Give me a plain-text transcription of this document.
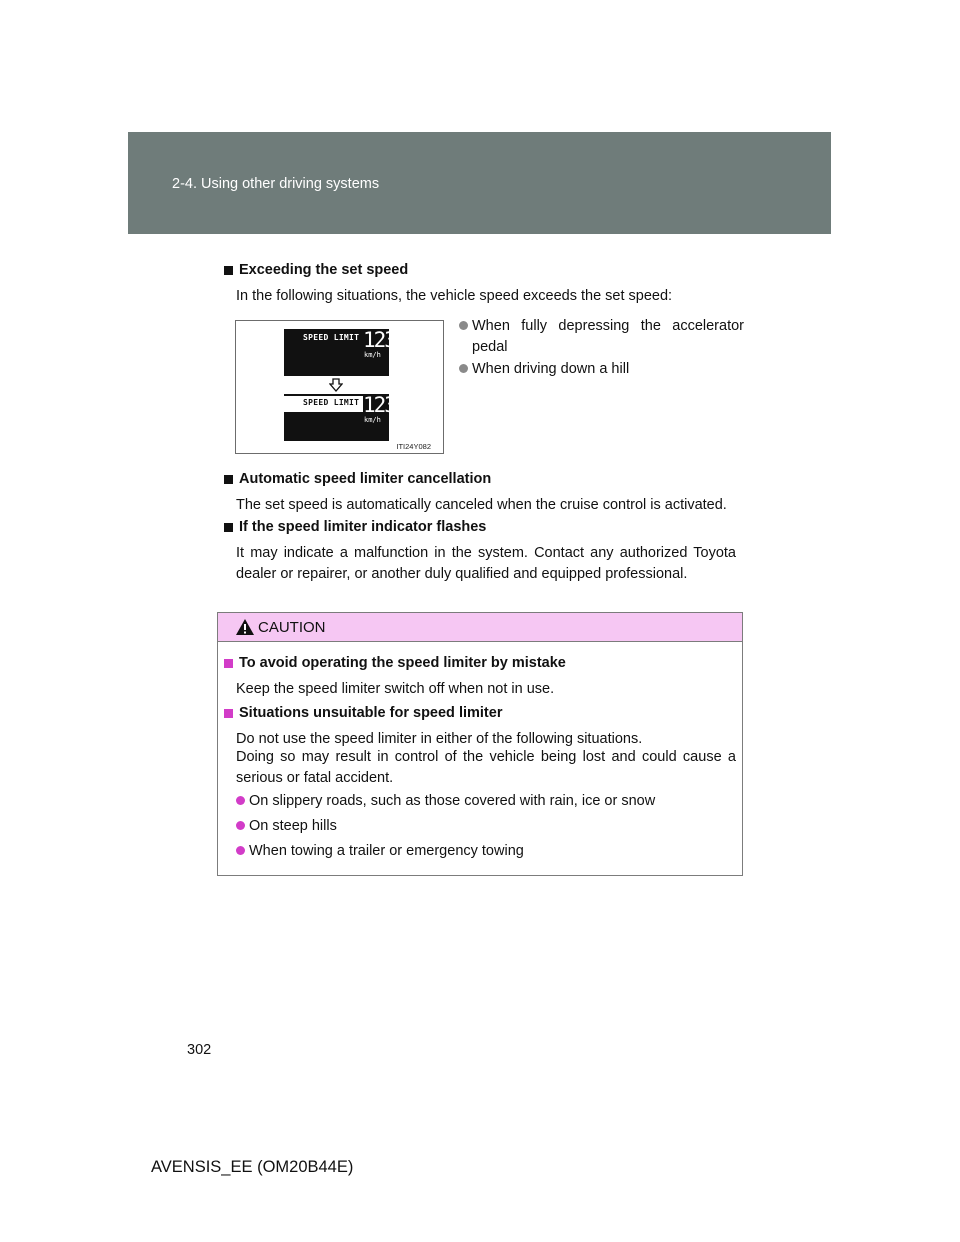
2-4. Using other driving systems
Exceeding the set speed
In the following situations, the vehicle speed exceeds the set speed:
SPEED LIMIT 123
km/h
SPEED LIMIT 123
km/h
ITI24Y082
When fully depressing the accelerator pedal
When driving down a hill
Automatic speed limiter cancellation
The set speed is automatically canceled when the cruise control is activated.
If the speed limiter indicator flashes
It may indicate a malfunction in the system. Contact any authorized Toyota dealer or repairer, or another duly qualified and equipped professional.
CAUTION
To avoid operating the speed limiter by mistake
Keep the speed limiter switch off when not in use.
Situations unsuitable for speed limiter
Do not use the speed limiter in either of the following situations.
Doing so may result in control of the vehicle being lost and could cause a serious or fatal accident.
On slippery roads, such as those covered with rain, ice or snow
On steep hills
When towing a trailer or emergency towing
302
AVENSIS_EE (OM20B44E)
